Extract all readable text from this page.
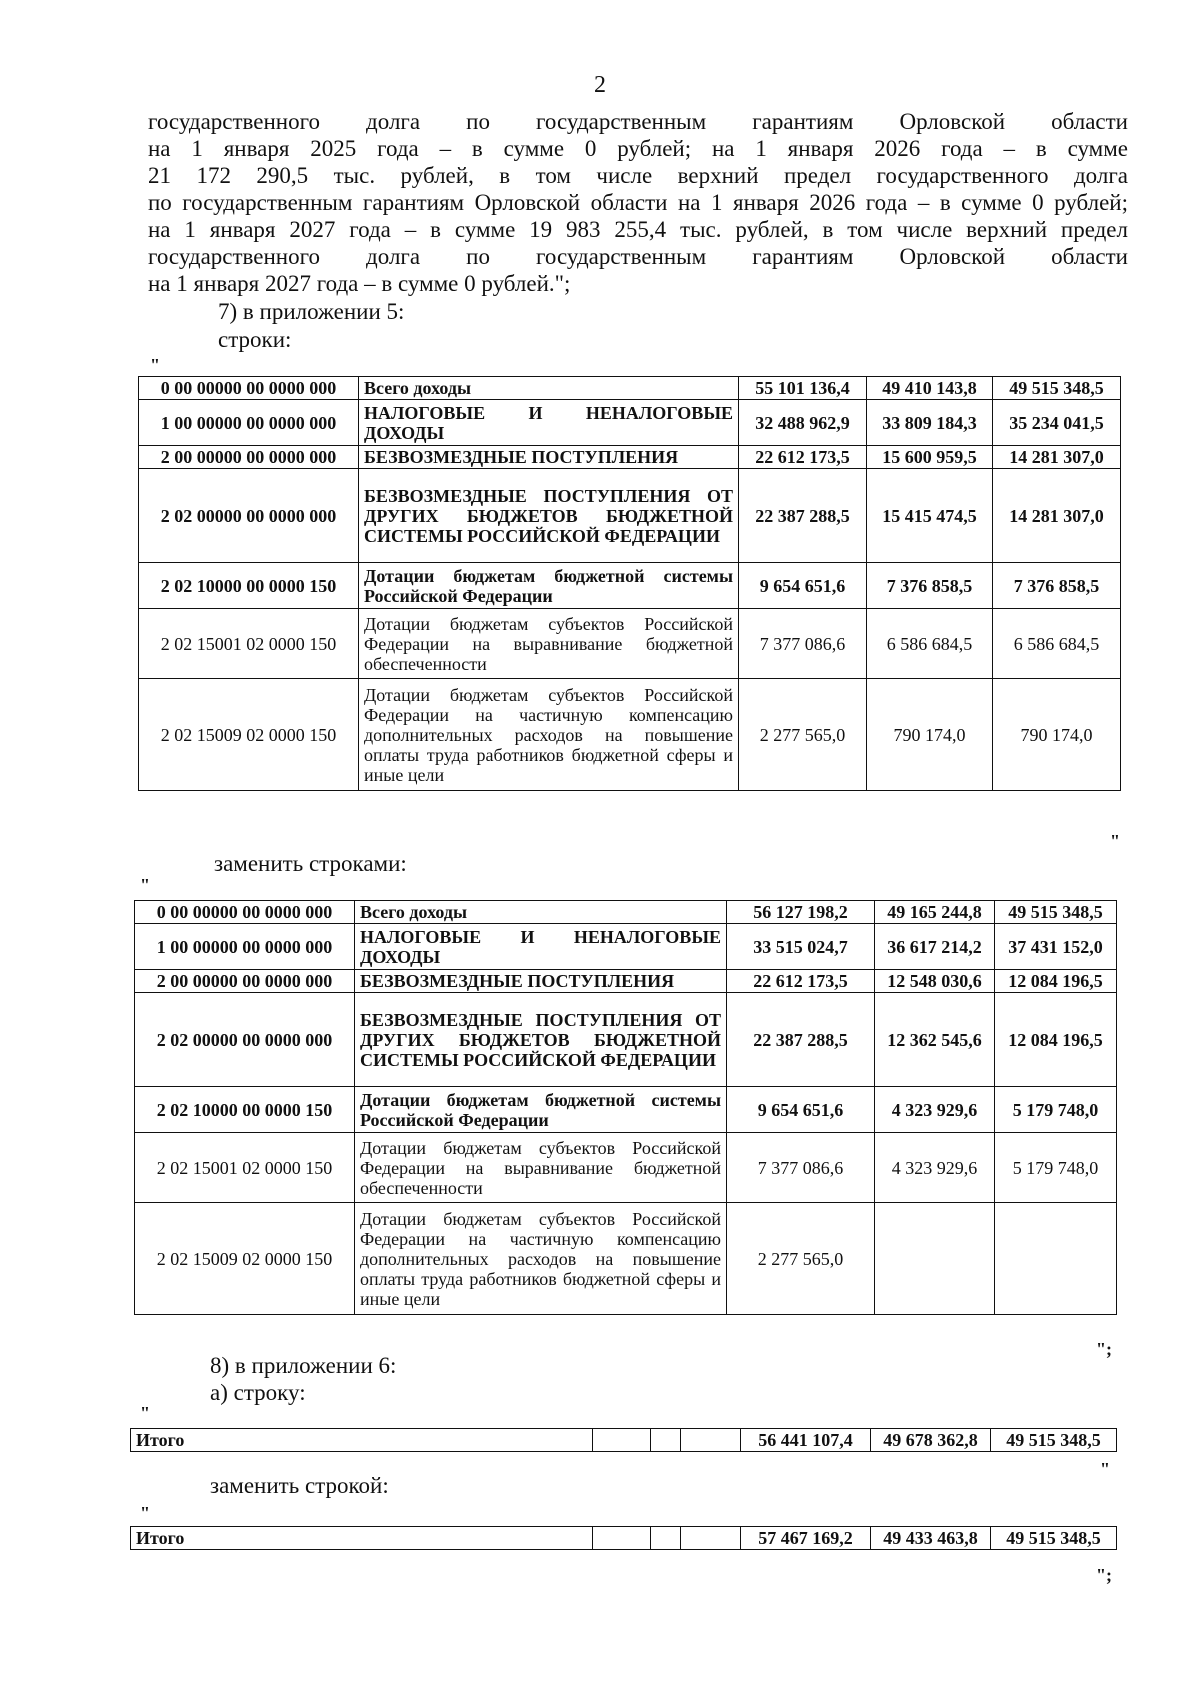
2
государственного долга по государственным гарантиям Орловской области
на 1 января 2025 года – в сумме 0 рублей; на 1 января 2026 года – в сумме
21 172 290,5 тыс. рублей, в том числе верхний предел государственного долга
по государственным гарантиям Орловской области на 1 января 2026 года – в сумме 0 рублей;
на 1 января 2027 года – в сумме 19 983 255,4 тыс. рублей, в том числе верхний предел
государственного долга по государственным гарантиям Орловской области
на 1 января 2027 года – в сумме 0 рублей.";
7) в приложении 5:
строки:
"
0 00 00000 00 0000 000	Всего доходы	55 101 136,4	49 410 143,8	49 515 348,5
1 00 00000 00 0000 000	НАЛОГОВЫЕ И НЕНАЛОГОВЫЕ ДОХОДЫ	32 488 962,9	33 809 184,3	35 234 041,5
2 00 00000 00 0000 000	БЕЗВОЗМЕЗДНЫЕ ПОСТУПЛЕНИЯ	22 612 173,5	15 600 959,5	14 281 307,0
2 02 00000 00 0000 000	БЕЗВОЗМЕЗДНЫЕ ПОСТУПЛЕНИЯ ОТ ДРУГИХ БЮДЖЕТОВ БЮДЖЕТНОЙ СИСТЕМЫ РОССИЙСКОЙ ФЕДЕРАЦИИ	22 387 288,5	15 415 474,5	14 281 307,0
2 02 10000 00 0000 150	Дотации бюджетам бюджетной системы Российской Федерации	9 654 651,6	7 376 858,5	7 376 858,5
2 02 15001 02 0000 150	Дотации бюджетам субъектов Российской Федерации на выравнивание бюджетной обеспеченности	7 377 086,6	6 586 684,5	6 586 684,5
2 02 15009 02 0000 150	Дотации бюджетам субъектов Российской Федерации на частичную компенсацию дополнительных расходов на повышение оплаты труда работников бюджетной сферы и иные цели	2 277 565,0	790 174,0	790 174,0
"
заменить строками:
"
0 00 00000 00 0000 000	Всего доходы	56 127 198,2	49 165 244,8	49 515 348,5
1 00 00000 00 0000 000	НАЛОГОВЫЕ И НЕНАЛОГОВЫЕ ДОХОДЫ	33 515 024,7	36 617 214,2	37 431 152,0
2 00 00000 00 0000 000	БЕЗВОЗМЕЗДНЫЕ ПОСТУПЛЕНИЯ	22 612 173,5	12 548 030,6	12 084 196,5
2 02 00000 00 0000 000	БЕЗВОЗМЕЗДНЫЕ ПОСТУПЛЕНИЯ ОТ ДРУГИХ БЮДЖЕТОВ БЮДЖЕТНОЙ СИСТЕМЫ РОССИЙСКОЙ ФЕДЕРАЦИИ	22 387 288,5	12 362 545,6	12 084 196,5
2 02 10000 00 0000 150	Дотации бюджетам бюджетной системы Российской Федерации	9 654 651,6	4 323 929,6	5 179 748,0
2 02 15001 02 0000 150	Дотации бюджетам субъектов Российской Федерации на выравнивание бюджетной обеспеченности	7 377 086,6	4 323 929,6	5 179 748,0
2 02 15009 02 0000 150	Дотации бюджетам субъектов Российской Федерации на частичную компенсацию дополнительных расходов на повышение оплаты труда работников бюджетной сферы и иные цели	2 277 565,0		
";
8) в приложении 6:
а) строку:
"
Итого				56 441 107,4	49 678 362,8	49 515 348,5
"
заменить строкой:
"
Итого				57 467 169,2	49 433 463,8	49 515 348,5
";
